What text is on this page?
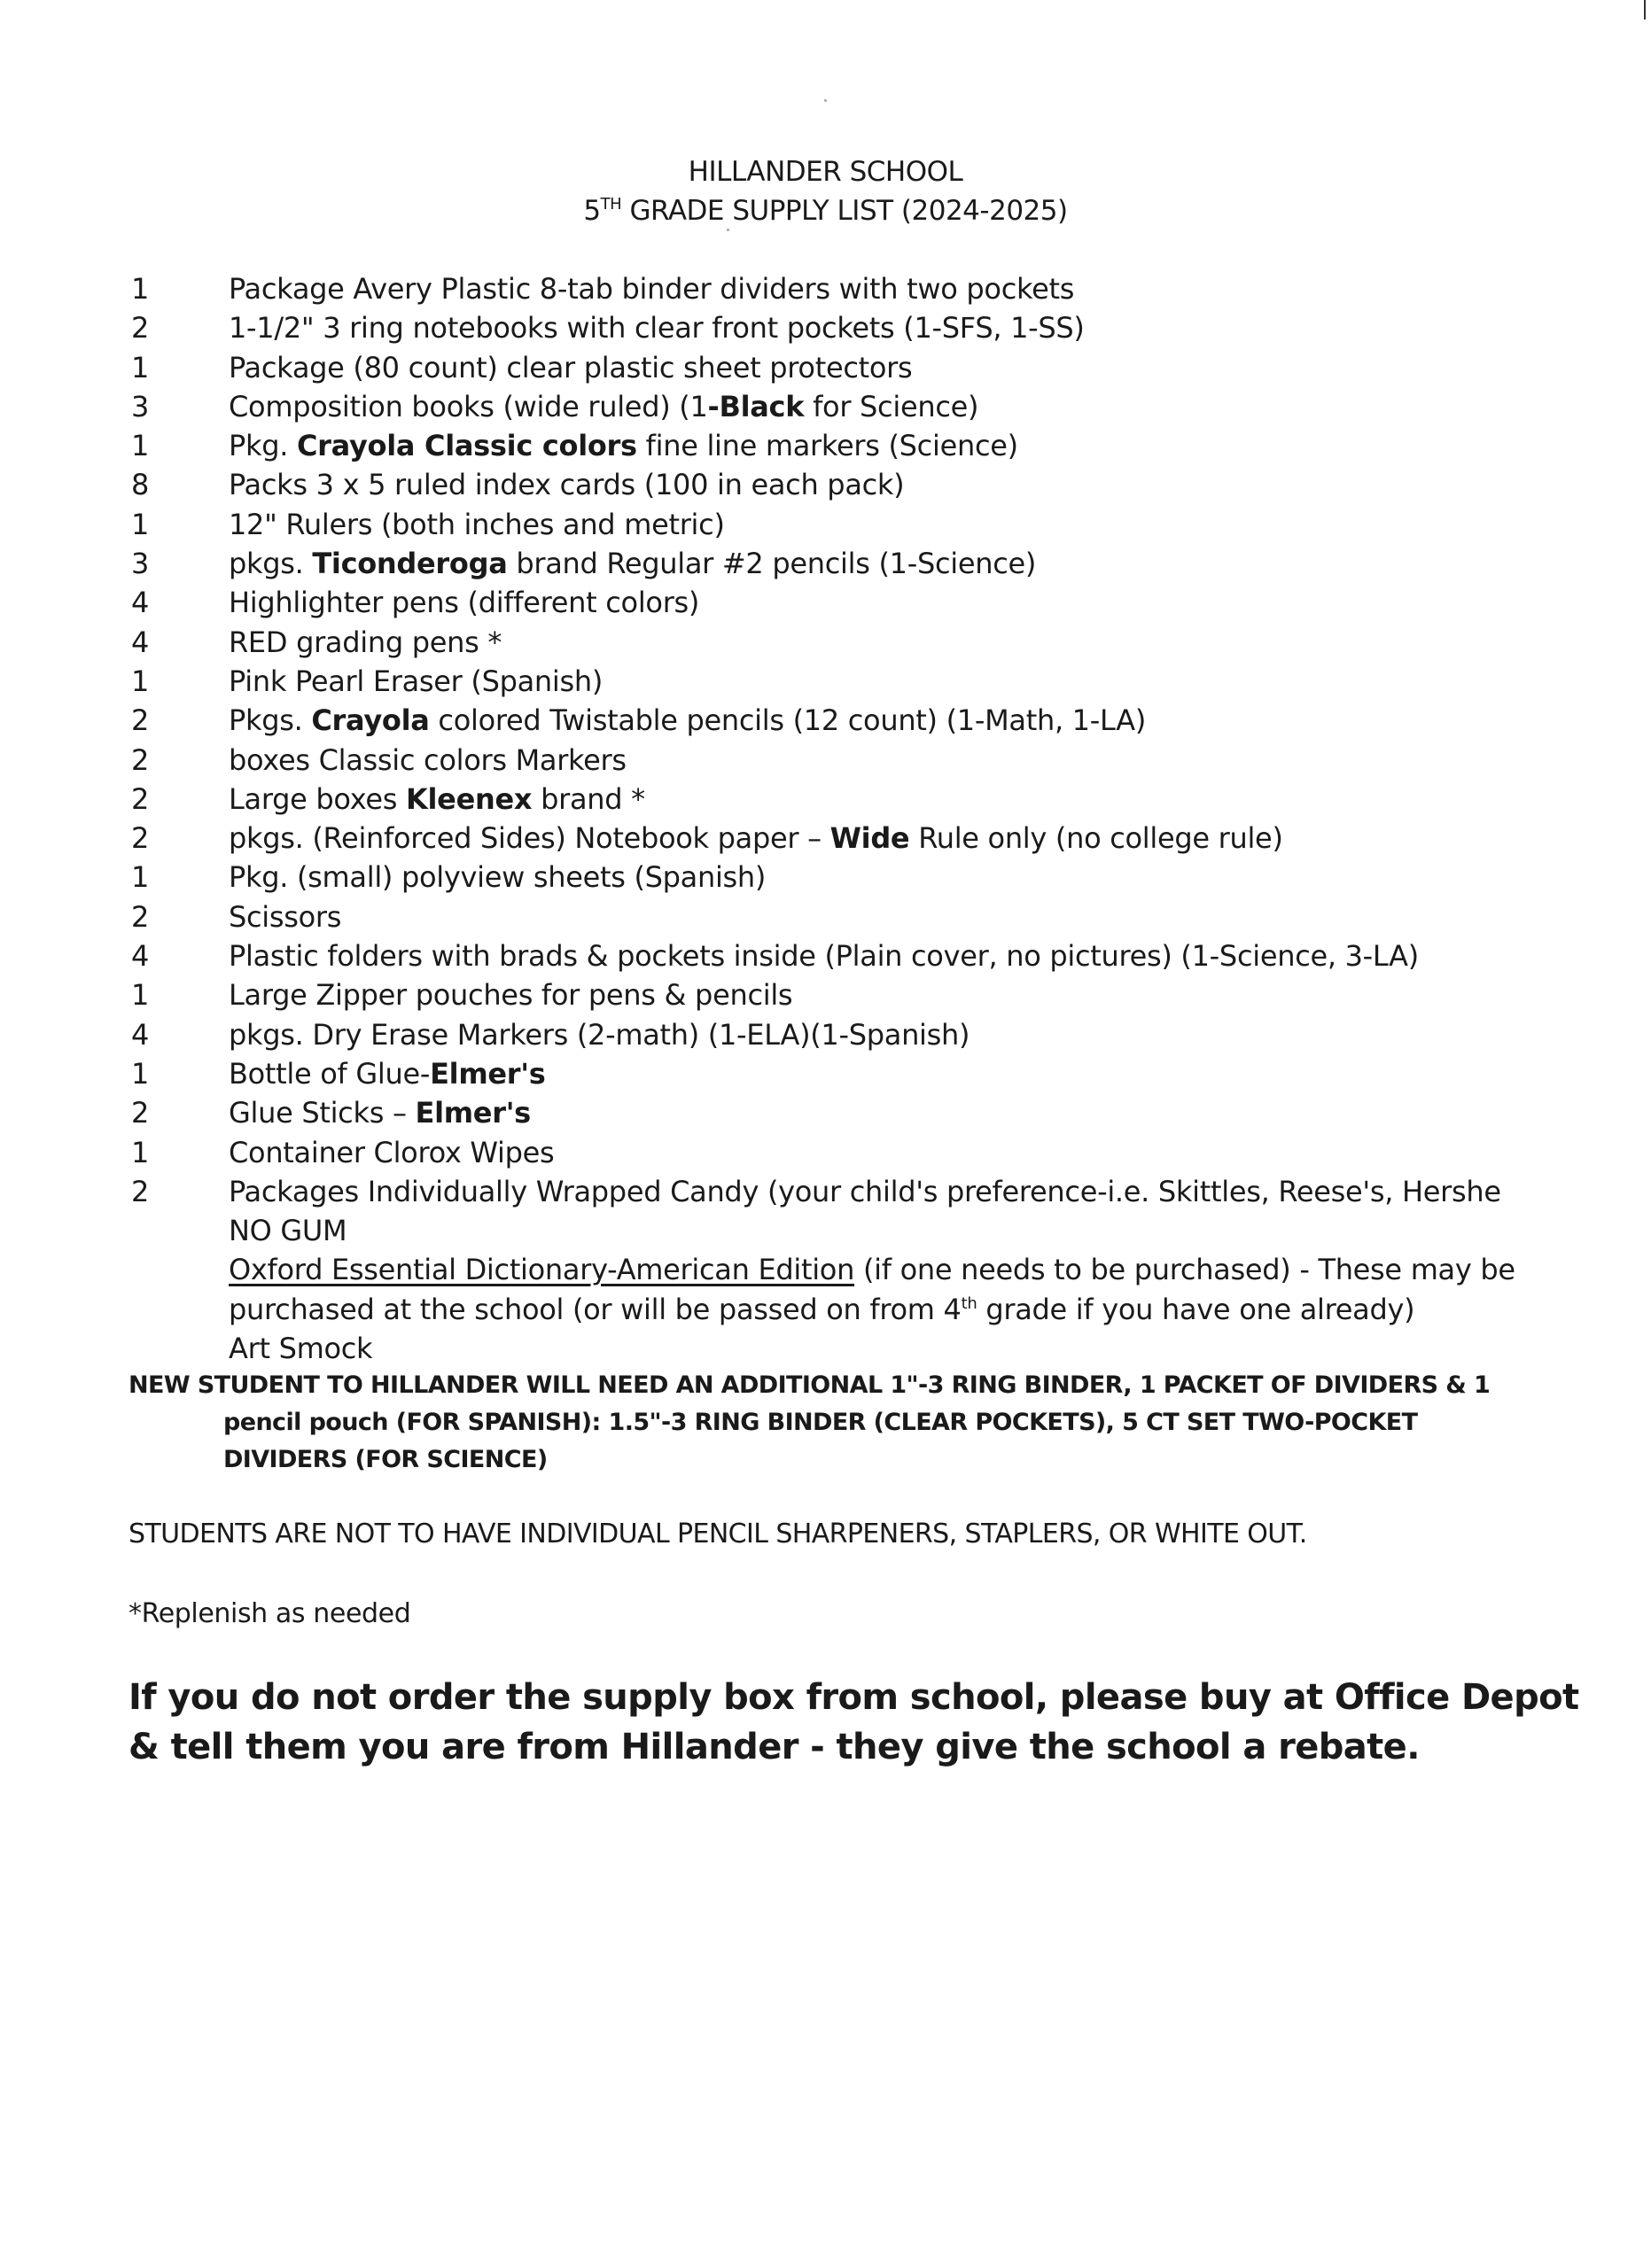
HILLANDER SCHOOL
5TH GRADE SUPPLY LIST (2024-2025)
1	Package Avery Plastic 8-tab binder dividers with two pockets
2	1-1/2" 3 ring notebooks with clear front pockets (1-SFS, 1-SS)
1	Package (80 count) clear plastic sheet protectors
3	Composition books (wide ruled) (1-Black for Science)
1	Pkg. Crayola Classic colors fine line markers (Science)
8	Packs 3 x 5 ruled index cards (100 in each pack)
1	12" Rulers (both inches and metric)
3	pkgs. Ticonderoga brand Regular #2 pencils (1-Science)
4	Highlighter pens (different colors)
4	RED grading pens *
1	Pink Pearl Eraser (Spanish)
2	Pkgs. Crayola colored Twistable pencils (12 count) (1-Math, 1-LA)
2	boxes Classic colors Markers
2	Large boxes Kleenex brand *
2	pkgs. (Reinforced Sides) Notebook paper – Wide Rule only (no college rule)
1	Pkg. (small) polyview sheets (Spanish)
2	Scissors
4	Plastic folders with brads & pockets inside (Plain cover, no pictures) (1-Science, 3-LA)
1	Large Zipper pouches for pens & pencils
4	pkgs. Dry Erase Markers (2-math) (1-ELA)(1-Spanish)
1	Bottle of Glue-Elmer's
2	Glue Sticks – Elmer's
1	Container Clorox Wipes
2	Packages Individually Wrapped Candy (your child's preference-i.e. Skittles, Reese's, Hershe
NO GUM
Oxford Essential Dictionary-American Edition (if one needs to be purchased) - These may be
purchased at the school (or will be passed on from 4th grade if you have one already)
Art Smock
NEW STUDENT TO HILLANDER WILL NEED AN ADDITIONAL 1"-3 RING BINDER, 1 PACKET OF DIVIDERS & 1
pencil pouch (FOR SPANISH): 1.5"-3 RING BINDER (CLEAR POCKETS), 5 CT SET TWO-POCKET
DIVIDERS (FOR SCIENCE)
STUDENTS ARE NOT TO HAVE INDIVIDUAL PENCIL SHARPENERS, STAPLERS, OR WHITE OUT.
*Replenish as needed
If you do not order the supply box from school, please buy at Office Depot
& tell them you are from Hillander - they give the school a rebate.
